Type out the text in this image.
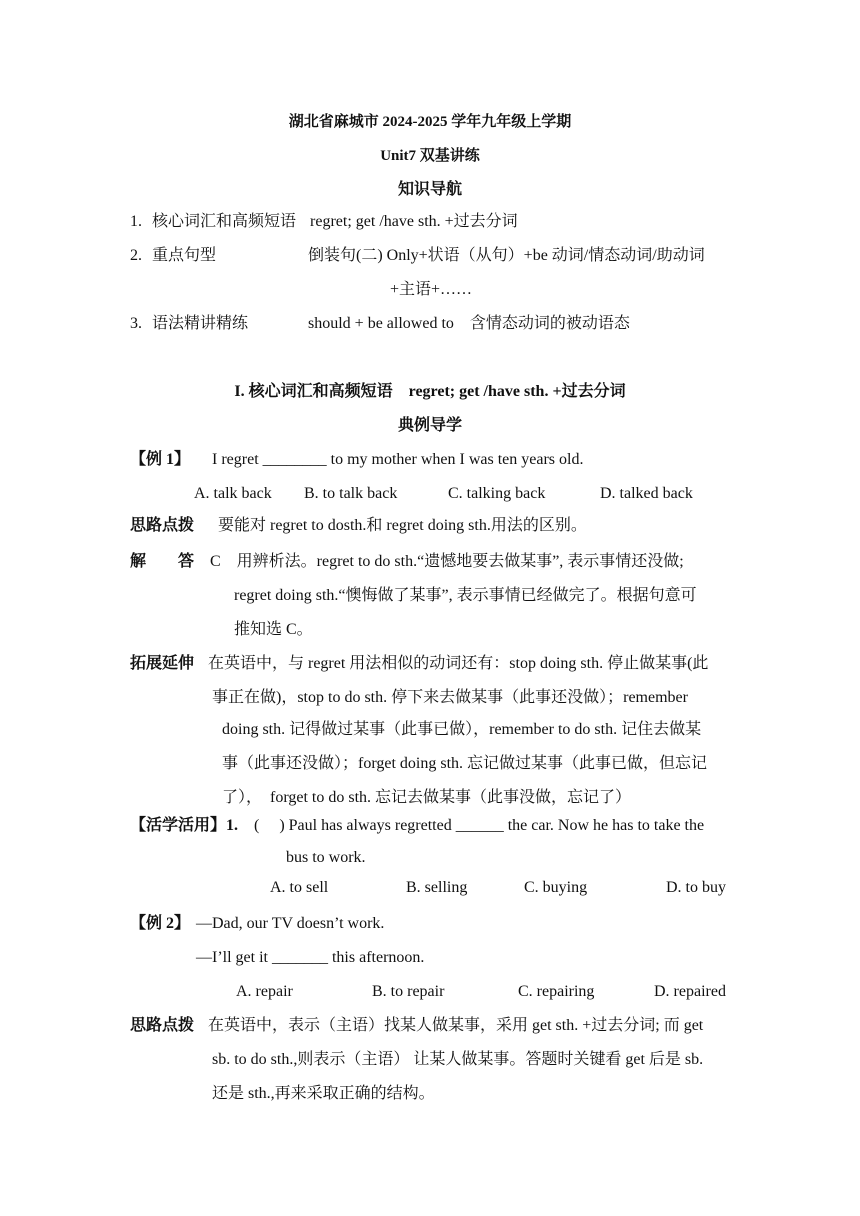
湖北省麻城市 2024-2025 学年九年级上学期
Unit7 双基讲练
知识导航
1. 核心词汇和高频短语 regret; get /have sth. +过去分词
2. 重点句型	倒装句(二) Only+状语（从句）+be 动词/情态动词/助动词
+主语+……
3. 语法精讲精练	should + be allowed to　含情态动词的被动语态
I. 核心词汇和高频短语　regret; get /have sth. +过去分词
典例导学
【例 1】 I regret ________ to my mother when I was ten years old.
A. talk back B. to talk back	C. talking back	D. talked back
思路点拨 要能对 regret to dosth.和 regret doing sth.用法的区别。
解　　答 C　用辨析法。regret to do sth.“遗憾地要去做某事”, 表示事情还没做;
regret doing sth.“懊悔做了某事”, 表示事情已经做完了。根据句意可
推知选 C。
拓展延伸 在英语中，与 regret 用法相似的动词还有：stop doing sth. 停止做某事(此
事正在做)，stop to do sth. 停下来去做某事（此事还没做）；remember
doing sth. 记得做过某事（此事已做），remember to do sth. 记住去做某
事（此事还没做）；forget doing sth. 忘记做过某事（此事已做，但忘记
了），　forget to do sth. 忘记去做某事（此事没做，忘记了）
【活学活用】1. (　 ) Paul has always regretted ______ the car. Now he has to take the
bus to work.
A. to sell	B. selling	C. buying	D. to buy
【例 2】 —Dad, our TV doesn’t work.
—I’ll get it _______ this afternoon.
A. repair	B. to repair	C. repairing	D. repaired
思路点拨 在英语中，表示（主语）找某人做某事，采用 get sth. +过去分词; 而 get
sb. to do sth.,则表示（主语） 让某人做某事。答题时关键看 get 后是 sb.
还是 sth.,再来采取正确的结构。
